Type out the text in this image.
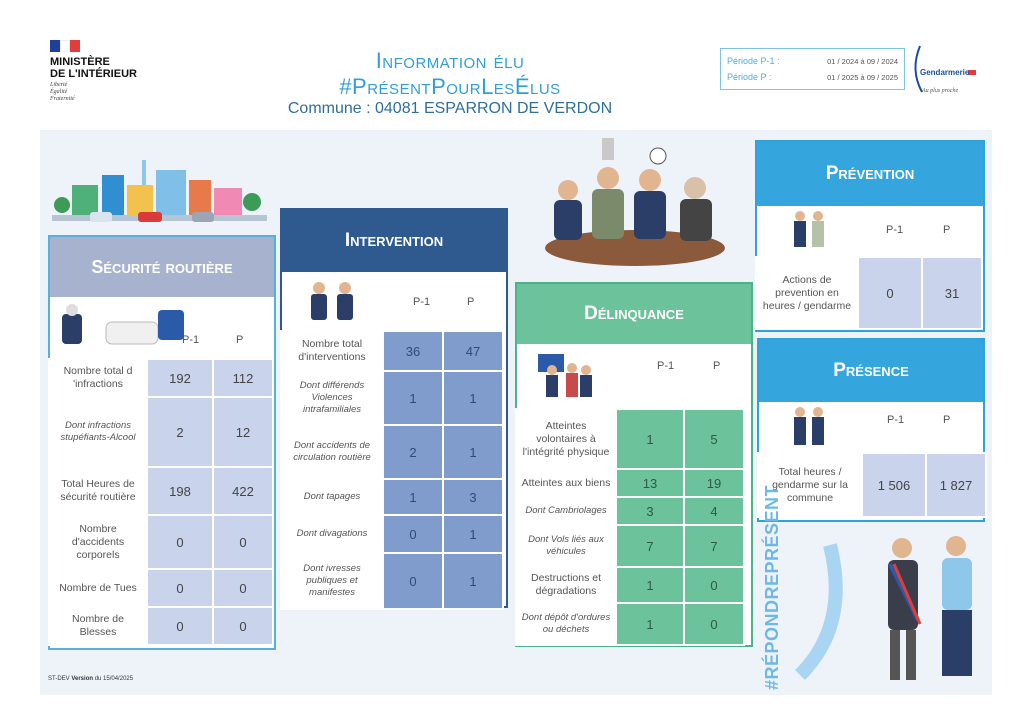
MINISTÈRE
DE L'INTÉRIEUR
Liberté
Égalité
Fraternité
Information élu
#PrésentPourLesÉlus
Commune : 04081 ESPARRON DE VERDON
Période P-1 :	01 / 2024 à 09 / 2024
Période P :	01 / 2025 à 09 / 2025	Gendarmerie
Au plus proche
Sécurité routière
P-1	P
Nombre total d 'infractions	192	112
Dont infractions stupéfiants-Alcool	2	12
Total Heures de sécurité routière	198	422
Nombre d'accidents corporels	0	0
Nombre de Tues	0	0
Nombre de Blesses	0	0
Intervention
P-1	P
Nombre total d'interventions	36	47
Dont différends Violences intrafamiliales	1	1
Dont accidents de circulation routière	2	1
Dont tapages	1	3
Dont divagations	0	1
Dont ivresses publiques et manifestes	0	1
Délinquance
P-1	P
Atteintes volontaires à l'intégrité physique	1	5
Atteintes aux biens	13	19
Dont Cambriolages	3	4
Dont Vols liés aux véhicules	7	7
Destructions et dégradations	1	0
Dont dépôt d'ordures ou déchets	1	0
Prévention
P-1	P
Actions de prevention en heures / gendarme	0	31
Présence
P-1	P
Total heures / gendarme sur la commune	1 506	1 827
#RÉPONDREPRÉSENT
ST-DEV Version du 15/04/2025
